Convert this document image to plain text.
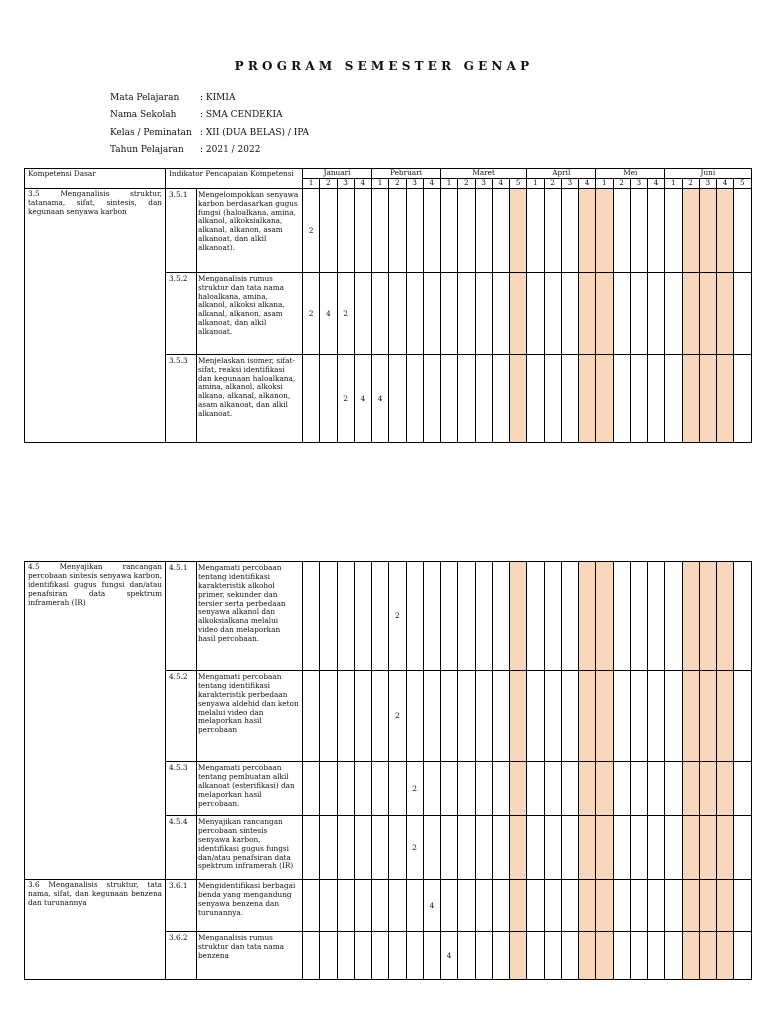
PROGRAM SEMESTER GENAP
Mata Pelajaran	: KIMIA
Nama Sekolah	: SMA CENDEKIA
Kelas / Peminatan : XII (DUA BELAS) / IPA
Tahun Pelajaran	: 2021 / 2022
Kompetensi Dasar	Indikator Pencapaian Kompetensi		Januari				Pebruari				Maret					April				Mei				Juni				
			1	2	3	4	1	2	3	4	1	2	3	4	5	1	2	3	4	1	2	3	4	1	2	3	4	5
3.5 Menganalisis struktur, tatanama, sifat, sintesis, dan kegunaan senyawa karbon	3.5.1	Mengelompokkan senyawa karbon berdasarkan gugus fungsi (haloalkana, amina, alkanol, alkoksialkana, alkanal, alkanon, asam alkanoat, dan alkil alkanoat).	2																									
	3.5.2	Menganalisis rumus struktur dan tata nama haloalkana, amina, alkanol, alkoksi alkana, alkanal, alkanon, asam alkanoat, dan alkil alkanoat.	2	4	2																							
	3.5.3	Menjelaskan isomer, sifat-sifat, reaksi identifikasi dan kegunaan haloalkana, amina, alkanol, alkoksi alkana, alkanal, alkanon, asam alkanoat, dan alkil alkanoat.			2	4	4																					
4.5 Menyajikan rancangan percobaan sintesis senyawa karbon, identifikasi gugus fungsi dan/atau penafsiran data spektrum inframerah (IR)	4.5.1	Mengamati percobaan tentang identifikasi karakteristik alkohol primer, sekunder dan tersier serta perbedaan senyawa alkanol dan alkoksialkana melalui video dan melaporkan hasil percobaan.						2																				
	4.5.2	Mengamati percobaan tentang identifikasi karakteristik perbedaan senyawa aldehid dan keton melalui video dan melaporkan hasil percobaan						2																				
	4.5.3	Mengamati percobaan tentang pembuatan alkil alkanoat (esterifikasi) dan melaporkan hasil percobaan.							2																			
	4.5.4	Menyajikan rancangan percobaan sintesis senyawa karbon, identifikasi gugus fungsi dan/atau penafsiran data spektrum inframerah (IR)							2																			
3.6 Menganalisis struktur, tata nama, sifat, dan kegunaan benzena dan turunannya	3.6.1	Mengidentifikasi berbagai benda yang mengandung senyawa benzena dan turunannya.								4																		
	3.6.2	Menganalisis rumus struktur dan tata nama benzena									4																	
